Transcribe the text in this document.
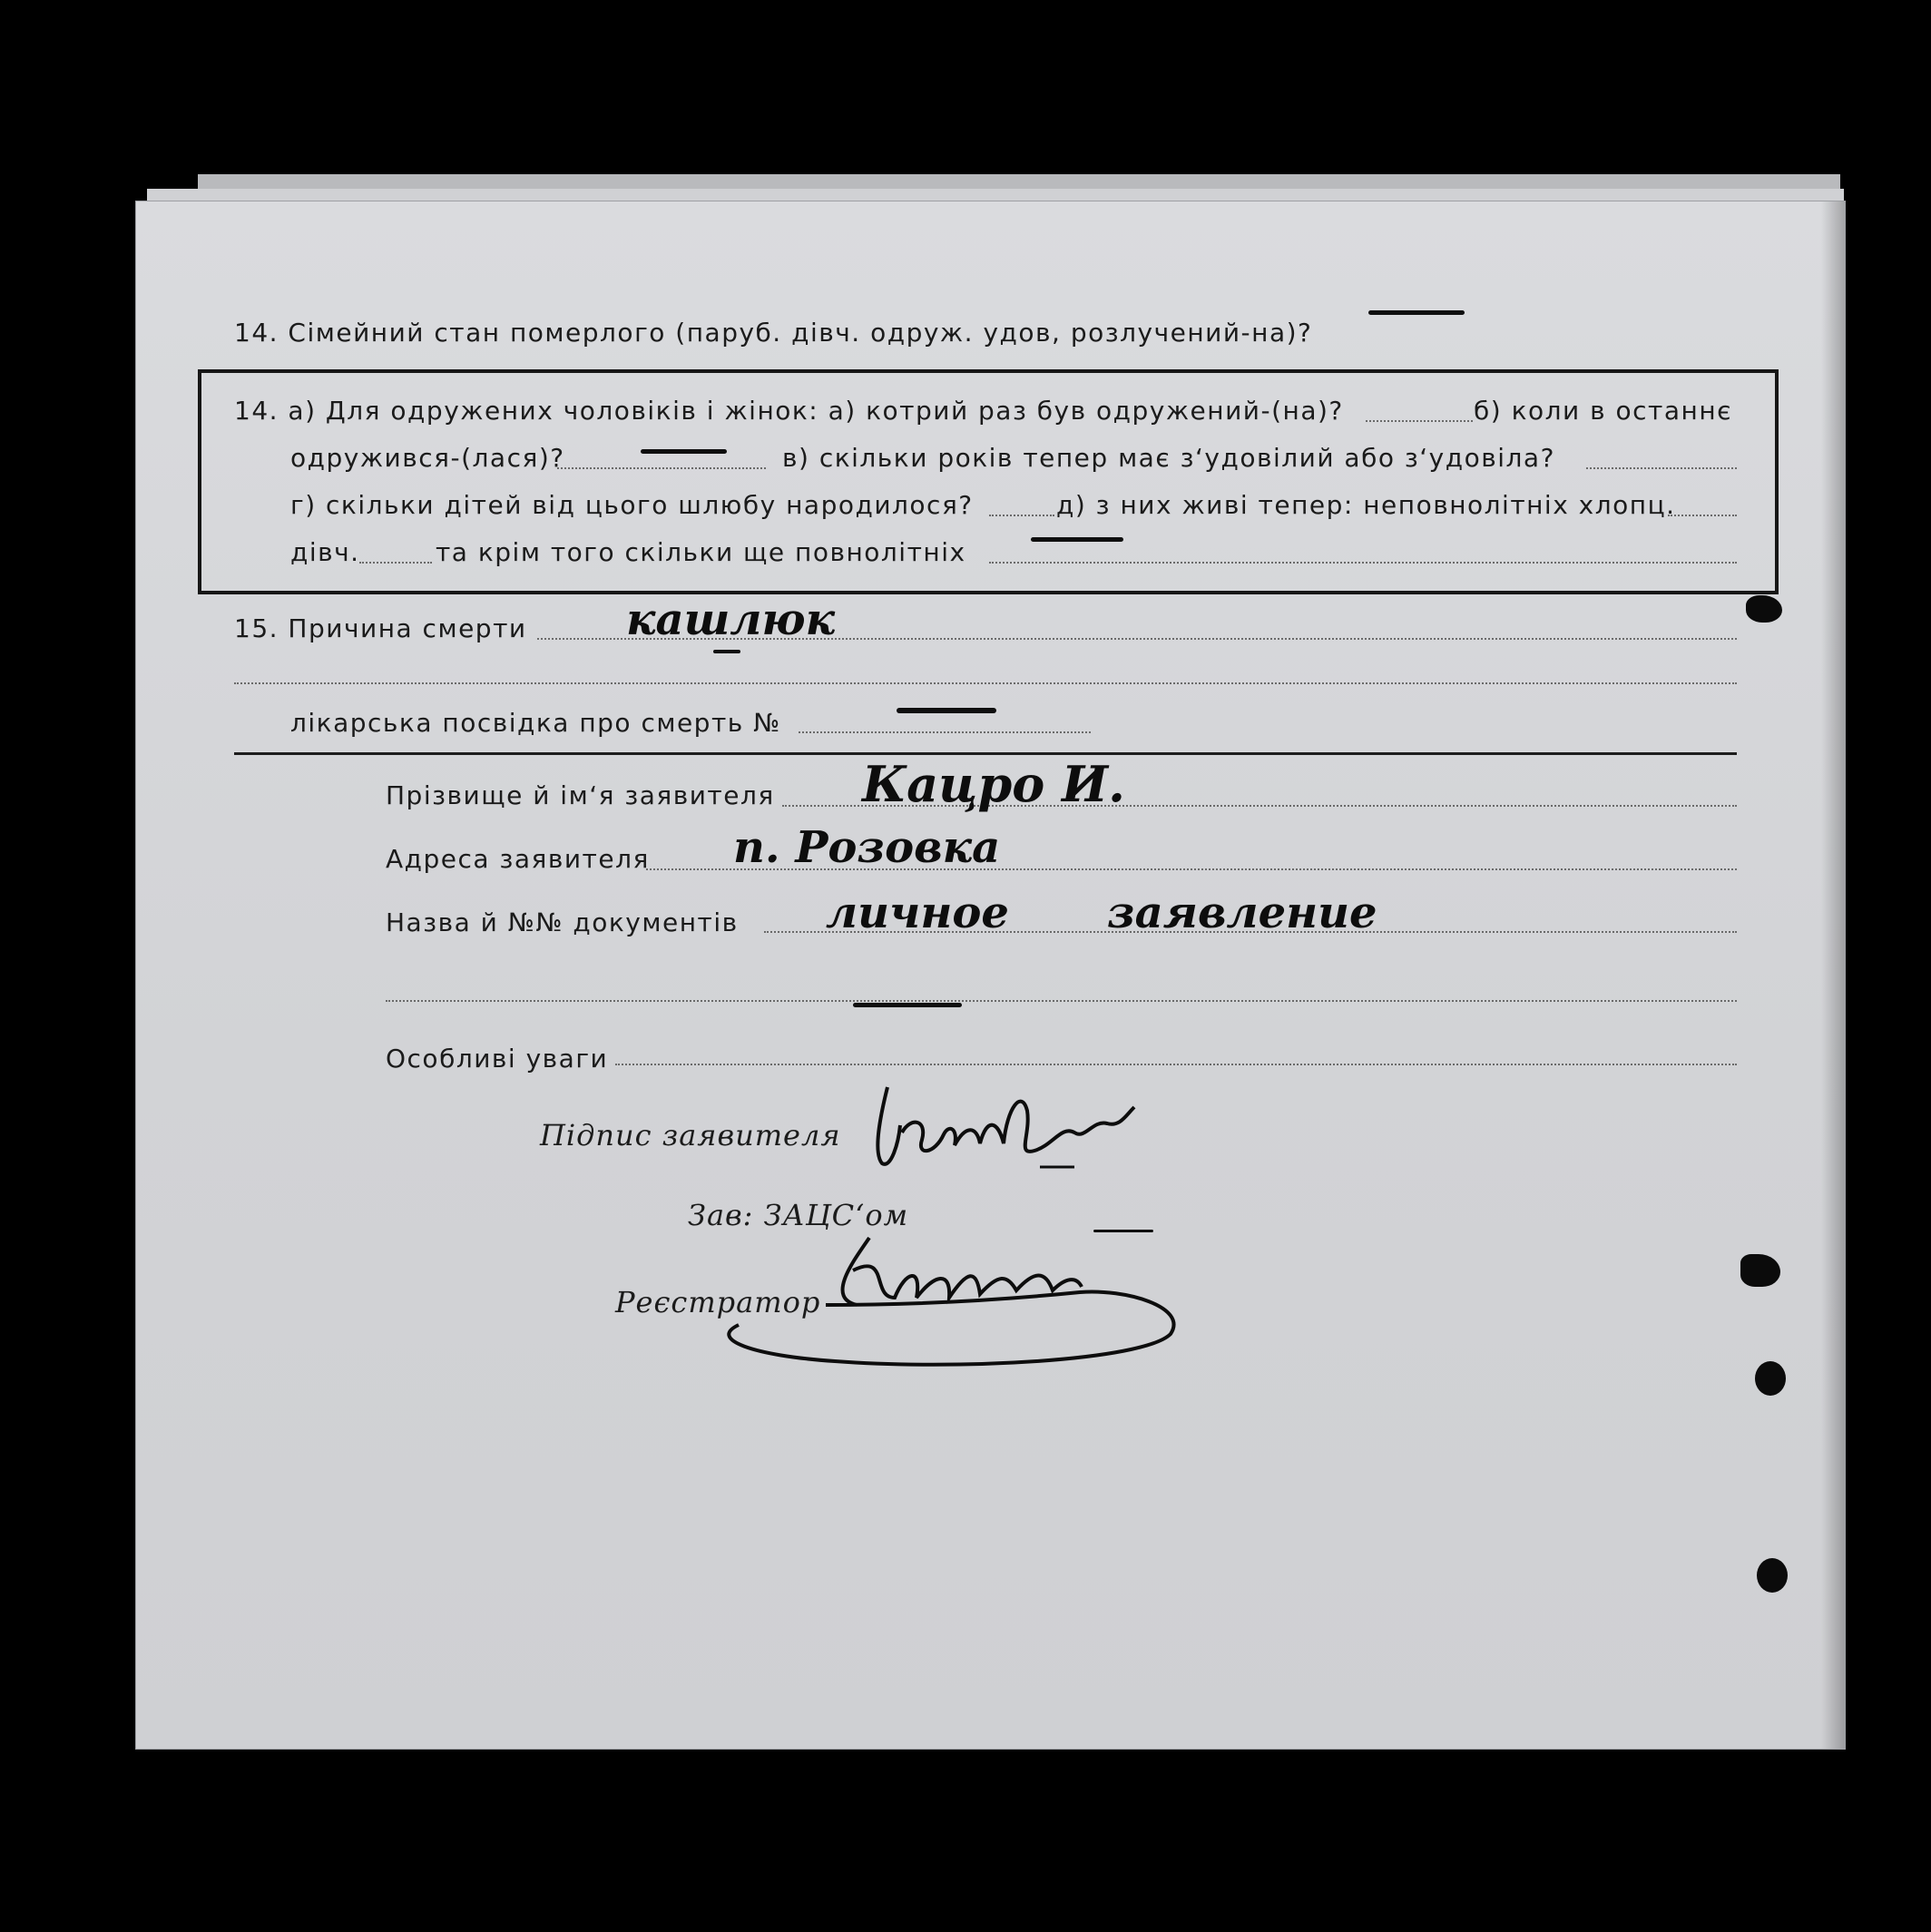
14. Сімейний стан померлого (паруб. дівч. одруж. удов, розлучений-на)?
14. а) Для одружених чоловіків і жінок: а) котрий раз був одружений-(на)?	б) коли в останнє
одружився-(лася)?	в) скільки років тепер має з‘удовілий або з‘удовіла?
г) скільки дітей від цього шлюбу народилося?	д) з них живі тепер: неповнолітніх хлопц.
дівч.	та крім того скільки ще повнолітніх
15. Причина смерти кашлюк
лікарська посвідка про смерть №
Прізвище й ім‘я заявителя Кацро И.
Адреса заявителя п. Розовка
Назва й №№ документів личное заявление
Особливі уваги
Підпис заявителя
Зав: ЗАЦС‘ом
Реєстратор
